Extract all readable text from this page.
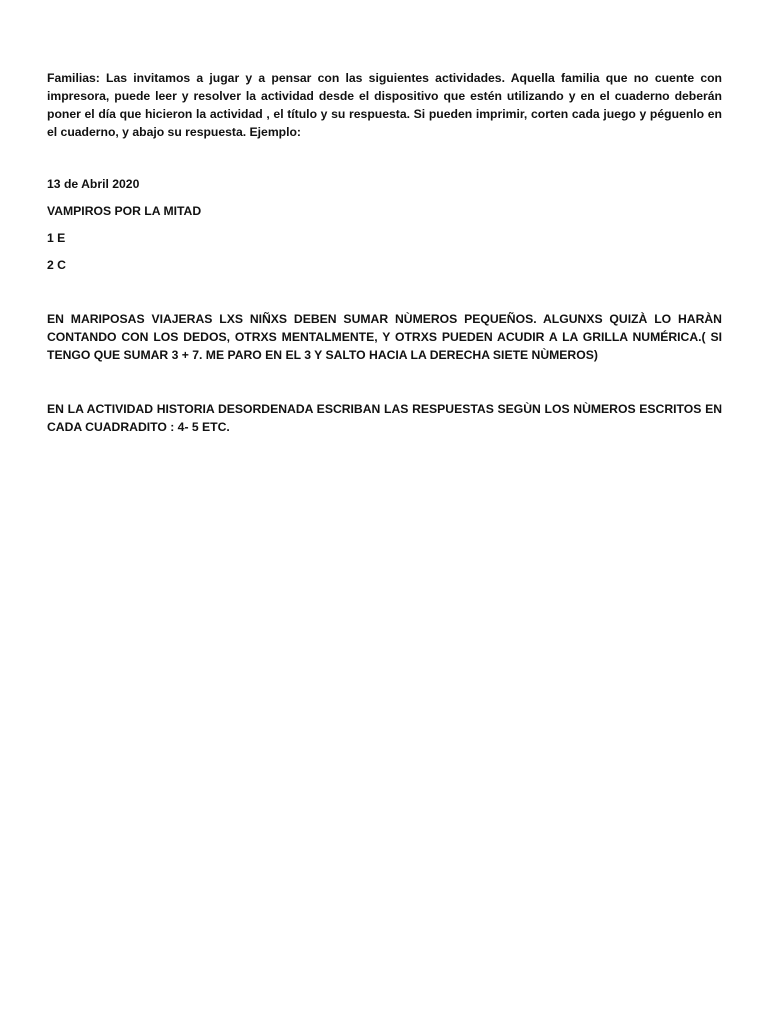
Familias: Las invitamos a jugar y a pensar con las siguientes actividades. Aquella familia que no cuente con impresora, puede leer y resolver la actividad desde el dispositivo que estén utilizando y en el cuaderno deberán poner el día que hicieron la actividad , el título y su respuesta. Si pueden imprimir, corten cada juego y péguenlo en el cuaderno, y abajo su respuesta. Ejemplo:

13 de Abril 2020

VAMPIROS POR LA MITAD

1 E

2 C

EN MARIPOSAS VIAJERAS LXS NIÑXS DEBEN SUMAR NÙMEROS PEQUEÑOS. ALGUNXS QUIZÀ LO HARÀN CONTANDO CON LOS DEDOS, OTRXS MENTALMENTE, Y OTRXS PUEDEN ACUDIR A LA GRILLA NUMÉRICA.( SI TENGO QUE SUMAR 3 + 7. ME PARO EN EL 3 Y SALTO HACIA LA DERECHA SIETE NÙMEROS)

EN LA ACTIVIDAD HISTORIA DESORDENADA ESCRIBAN LAS RESPUESTAS SEGÙN LOS NÙMEROS ESCRITOS EN CADA CUADRADITO : 4- 5 ETC.
